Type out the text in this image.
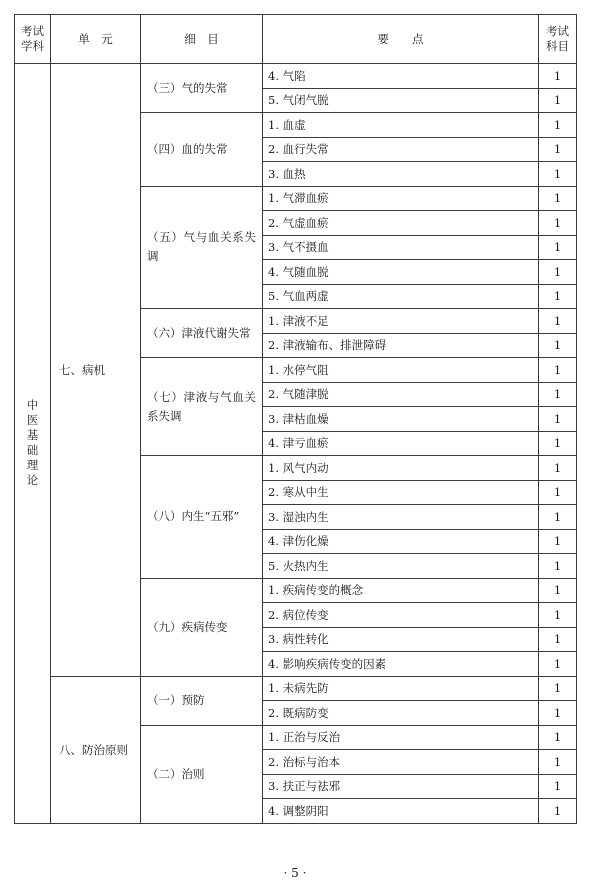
考试学科	单　元	细　目	要　　点	考试科目
中医基础理论	七、病机	（三）气的失常	4. 气陷	1
			5. 气闭气脱	1
		（四）血的失常	1. 血虚	1
			2. 血行失常	1
			3. 血热	1
		（五）气与血关系失调	1. 气滞血瘀	1
			2. 气虚血瘀	1
			3. 气不摄血	1
			4. 气随血脱	1
			5. 气血两虚	1
		（六）津液代谢失常	1. 津液不足	1
			2. 津液输布、排泄障碍	1
		（七）津液与气血关系失调	1. 水停气阻	1
			2. 气随津脱	1
			3. 津枯血燥	1
			4. 津亏血瘀	1
		（八）内生“五邪”	1. 风气内动	1
			2. 寒从中生	1
			3. 湿浊内生	1
			4. 津伤化燥	1
			5. 火热内生	1
		（九）疾病传变	1. 疾病传变的概念	1
			2. 病位传变	1
			3. 病性转化	1
			4. 影响疾病传变的因素	1
	八、防治原则	（一）预防	1. 未病先防	1
			2. 既病防变	1
		（二）治则	1. 正治与反治	1
			2. 治标与治本	1
			3. 扶正与祛邪	1
			4. 调整阴阳	1
· 5 ·
